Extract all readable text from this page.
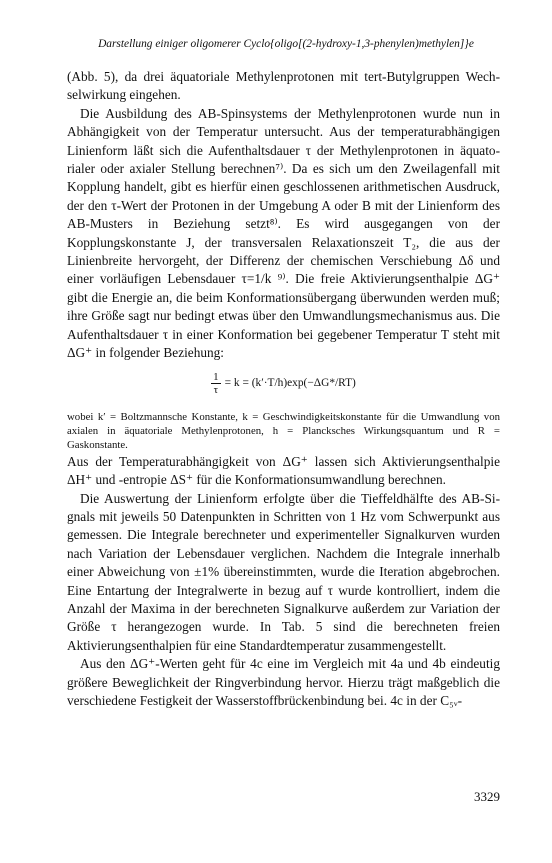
Darstellung einiger oligomerer Cyclo{oligo[(2-hydroxy-1,3-phenylen)methylen]}e

(Abb. 5), da drei äquatoriale Methylenprotonen mit tert-Butylgruppen Wechselwirkung eingehen.

Die Ausbildung des AB-Spinsystems der Methylenprotonen wurde nun in Abhängigkeit von der Temperatur untersucht. Aus der temperaturabhängigen Linienform läßt sich die Aufenthaltsdauer τ der Methylenprotonen in äquatorialer oder axialer Stellung berechnen⁷⁾. Da es sich um den Zweilagenfall mit Kopplung handelt, gibt es hierfür einen geschlossenen arithmetischen Ausdruck, der den τ-Wert der Protonen in der Umgebung A oder B mit der Linienform des AB-Musters in Beziehung setzt⁸⁾. Es wird ausgegangen von der Kopplungskonstante J, der transversalen Relaxationszeit T₂, die aus der Linienbreite hervorgeht, der Differenz der chemischen Verschiebung Δδ und einer vorläufigen Lebensdauer τ=1/k ⁹⁾. Die freie Aktivierungsenthalpie ΔG⁺ gibt die Energie an, die beim Konformationsübergang überwunden werden muß; ihre Größe sagt nur bedingt etwas über den Umwandlungsmechanismus aus. Die Aufenthaltsdauer τ in einer Konformation bei gegebener Temperatur T steht mit ΔG⁺ in folgender Beziehung:

$\frac{1}{\tau} = k = (k'\cdot T/h)\exp(-\Delta G*/RT)$

wobei k′ = Boltzmannsche Konstante, k = Geschwindigkeitskonstante für die Umwandlung von axialen in äquatoriale Methylenprotonen, h = Plancksches Wirkungsquantum und R = Gaskonstante.

Aus der Temperaturabhängigkeit von ΔG⁺ lassen sich Aktivierungsenthalpie ΔH⁺ und -entropie ΔS⁺ für die Konformationsumwandlung berechnen.

Die Auswertung der Linienform erfolgte über die Tieffeldhälfte des AB-Signals mit jeweils 50 Datenpunkten in Schritten von 1 Hz vom Schwerpunkt aus gemessen. Die Integrale berechneter und experimenteller Signalkurven wurden nach Variation der Lebensdauer verglichen. Nachdem die Integrale innerhalb einer Abweichung von ±1% übereinstimmten, wurde die Iteration abgebrochen. Eine Entartung der Integralwerte in bezug auf τ wurde kontrolliert, indem die Anzahl der Maxima in der berechneten Signalkurve außerdem zur Variation der Größe τ herangezogen wurde. In Tab. 5 sind die berechneten freien Aktivierungsenthalpien für eine Standardtemperatur zusammengestellt.

Aus den ΔG⁺-Werten geht für 4c eine im Vergleich mit 4a und 4b eindeutig größere Beweglichkeit der Ringverbindung hervor. Hierzu trägt maßgeblich die verschiedene Festigkeit der Wasserstoffbrückenbindung bei. 4c in der C₅ᵥ-

3329
